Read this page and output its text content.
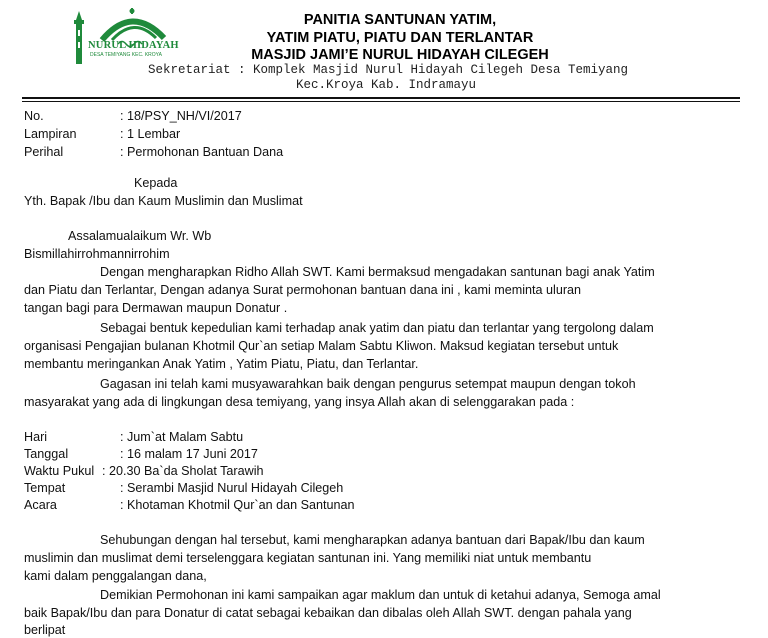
NURUL HIDAYAH
DESA TEMIYANG KEC. KROYA
PANITIA SANTUNAN YATIM,
YATIM PIATU, PIATU DAN TERLANTAR
MASJID JAMI’E NURUL HIDAYAH CILEGEH
Sekretariat : Komplek Masjid Nurul Hidayah Cilegeh Desa Temiyang
Kec.Kroya Kab. Indramayu
No.	: 18/PSY_NH/VI/2017
Lampiran	: 1 Lembar
Perihal	: Permohonan Bantuan Dana
Kepada
Yth. Bapak /Ibu dan Kaum Muslimin dan Muslimat
Assalamualaikum Wr. Wb
Bismillahirrohmannirrohim
Dengan mengharapkan Ridho Allah SWT. Kami bermaksud mengadakan santunan bagi anak Yatim
dan Piatu dan Terlantar, Dengan adanya Surat permohonan bantuan dana ini , kami meminta uluran
tangan bagi para Dermawan maupun Donatur .
Sebagai bentuk kepedulian kami terhadap anak yatim dan piatu dan terlantar yang tergolong dalam
organisasi Pengajian bulanan Khotmil Qur`an setiap Malam Sabtu Kliwon. Maksud kegiatan tersebut untuk
membantu meringankan Anak Yatim , Yatim Piatu, Piatu, dan Terlantar.
Gagasan ini telah kami musyawarahkan baik dengan pengurus setempat maupun dengan tokoh
masyarakat yang ada di lingkungan desa temiyang, yang insya Allah akan di selenggarakan pada :
Hari	: Jum`at Malam Sabtu
Tanggal	: 16 malam 17 Juni 2017
Waktu Pukul : 20.30 Ba`da Sholat Tarawih
Tempat	: Serambi Masjid Nurul Hidayah Cilegeh
Acara	: Khotaman Khotmil Qur`an dan Santunan
Sehubungan dengan hal tersebut, kami mengharapkan adanya bantuan dari Bapak/Ibu dan kaum
muslimin dan muslimat demi terselenggara kegiatan santunan ini. Yang memiliki niat untuk membantu
kami dalam penggalangan dana,
Demikian Permohonan ini kami sampaikan agar maklum dan untuk di ketahui adanya, Semoga amal
baik Bapak/Ibu dan para Donatur di catat sebagai kebaikan dan dibalas oleh Allah SWT. dengan pahala yang
berlipat
